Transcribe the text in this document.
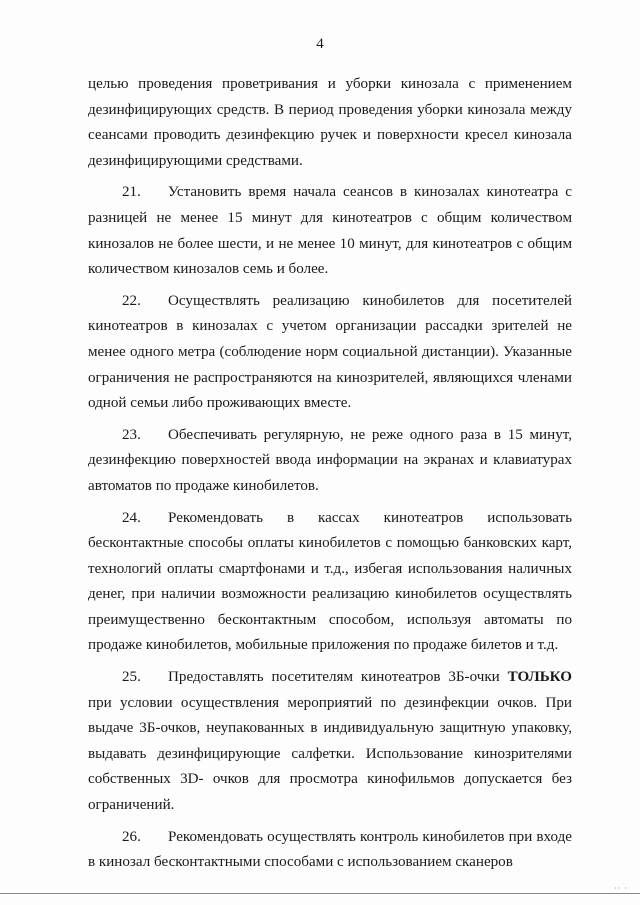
4

целью проведения проветривания и уборки кинозала с применением дезинфицирующих средств. В период проведения уборки кинозала между сеансами проводить дезинфекцию ручек и поверхности кресел кинозала дезинфицирующими средствами.

21. Установить время начала сеансов в кинозалах кинотеатра с разницей не менее 15 минут для кинотеатров с общим количеством кинозалов не более шести, и не менее 10 минут, для кинотеатров с общим количеством кинозалов семь и более.

22. Осуществлять реализацию кинобилетов для посетителей кинотеатров в кинозалах с учетом организации рассадки зрителей не менее одного метра (соблюдение норм социальной дистанции). Указанные ограничения не распространяются на кинозрителей, являющихся членами одной семьи либо проживающих вместе.

23. Обеспечивать регулярную, не реже одного раза в 15 минут, дезинфекцию поверхностей ввода информации на экранах и клавиатурах автоматов по продаже кинобилетов.

24. Рекомендовать в кассах кинотеатров использовать бесконтактные способы оплаты кинобилетов с помощью банковских карт, технологий оплаты смартфонами и т.д., избегая использования наличных денег, при наличии возможности реализацию кинобилетов осуществлять преимущественно бесконтактным способом, используя автоматы по продаже кинобилетов, мобильные приложения по продаже билетов и т.д.

25. Предоставлять посетителям кинотеатров 3Б-очки ТОЛЬКО при условии осуществления мероприятий по дезинфекции очков. При выдаче 3Б-очков, неупакованных в индивидуальную защитную упаковку, выдавать дезинфицирующие салфетки. Использование кинозрителями собственных 3D- очков для просмотра кинофильмов допускается без ограничений.

26. Рекомендовать осуществлять контроль кинобилетов при входе в кинозал бесконтактными способами с использованием сканеров

·· ·
